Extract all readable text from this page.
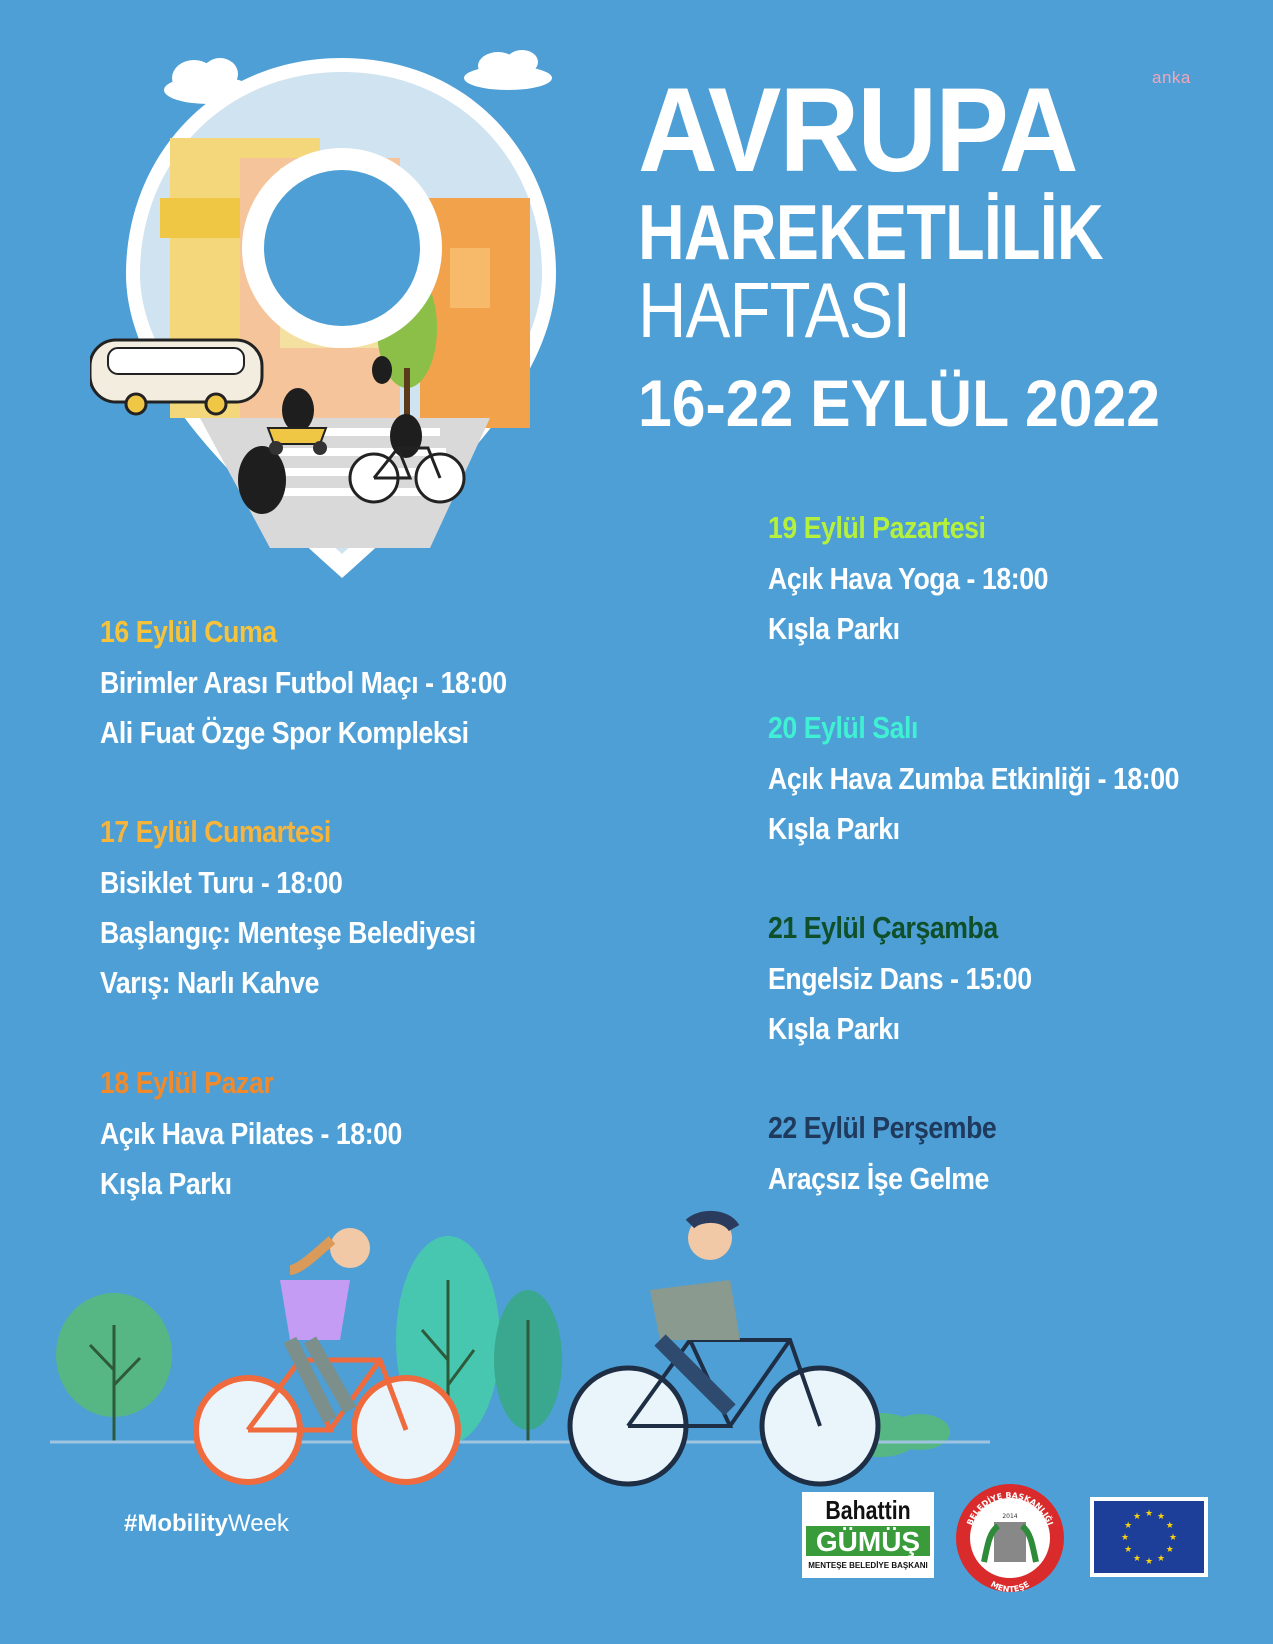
anka
AVRUPA
HAREKETLİLİK
HAFTASI
16-22 EYLÜL 2022
16 Eylül Cuma
Birimler Arası Futbol Maçı - 18:00
Ali Fuat Özge Spor Kompleksi
17 Eylül Cumartesi
Bisiklet Turu - 18:00
Başlangıç: Menteşe Belediyesi
Varış: Narlı Kahve
18 Eylül Pazar
Açık Hava Pilates - 18:00
Kışla Parkı
19 Eylül Pazartesi
Açık Hava Yoga - 18:00
Kışla Parkı
20 Eylül Salı
Açık Hava Zumba Etkinliği - 18:00
Kışla Parkı
21 Eylül Çarşamba
Engelsiz Dans - 15:00
Kışla Parkı
22 Eylül Perşembe
Araçsız İşe Gelme
#MobilityWeek	Bahattin
GÜMÜŞ
MENTEŞE BELEDİYE BAŞKANI
BELEDİYE BAŞKANLIĞI
MENTEŞE
2014	★ ★
★
★
★
★
★
★
★
★
★
★
